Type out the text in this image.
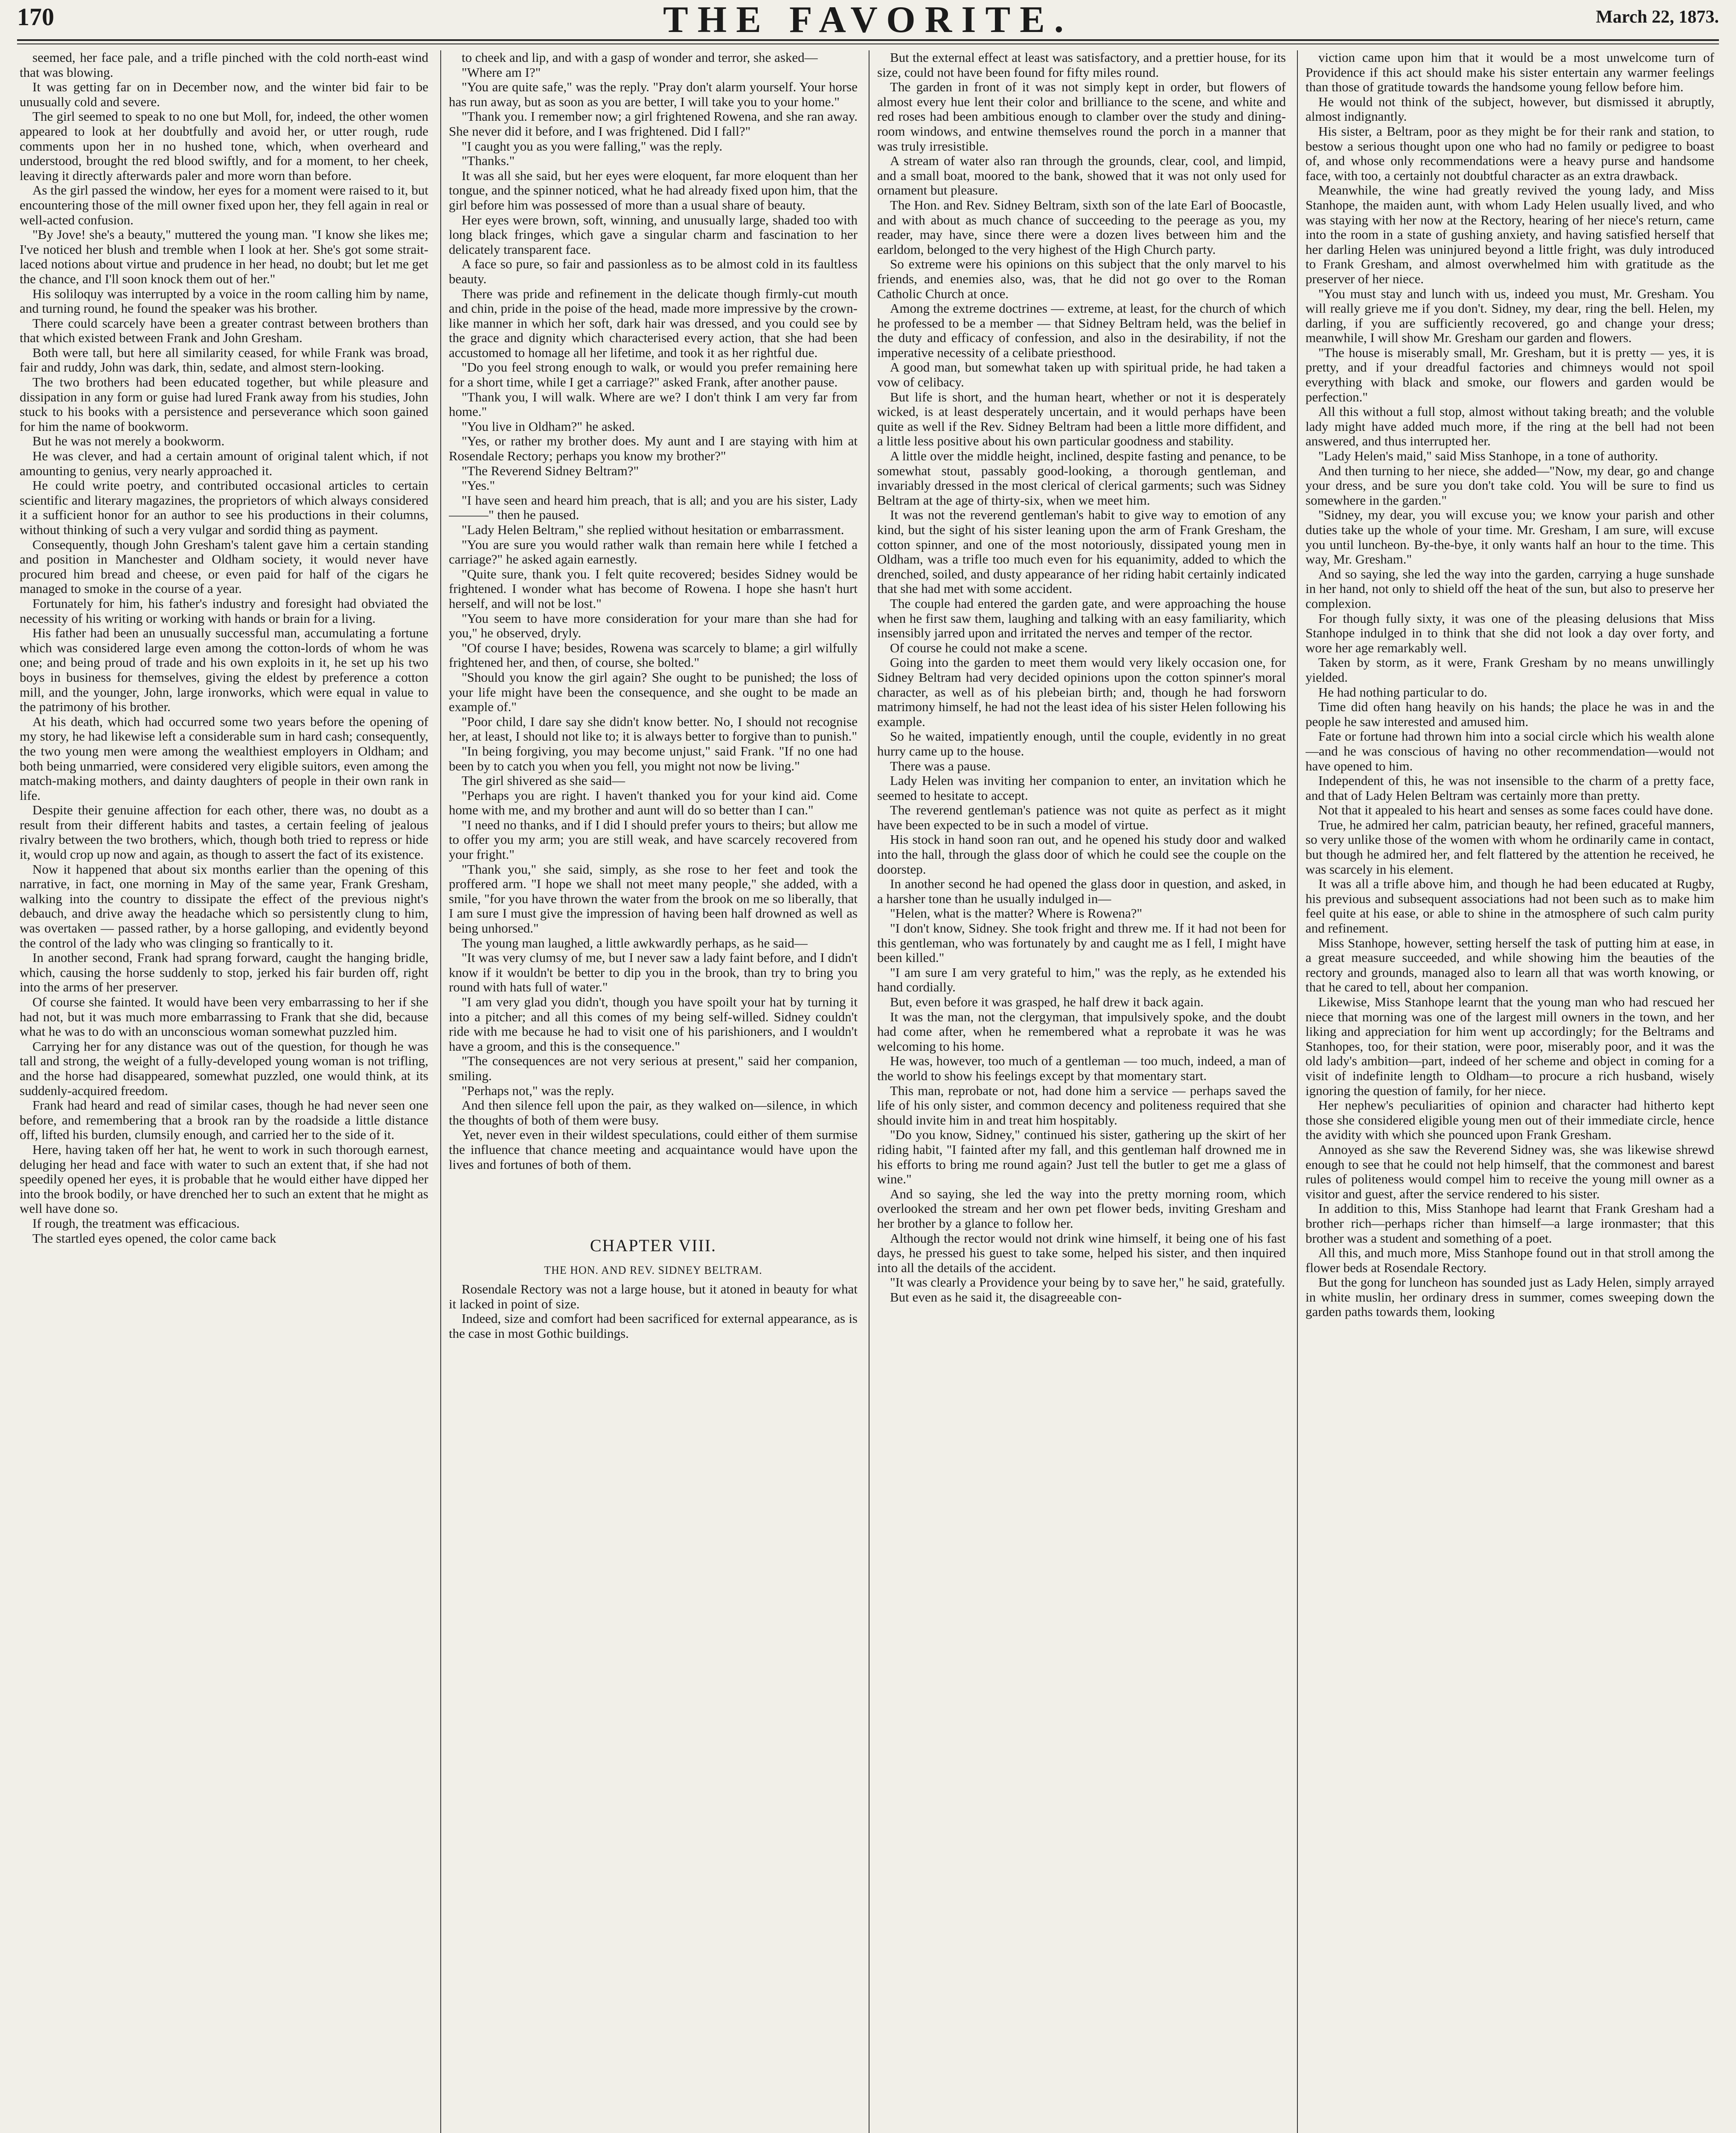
170	THE FAVORITE.	March 22, 1873.

seemed, her face pale, and a trifle pinched with the cold north-east wind that was blowing.

It was getting far on in December now, and the winter bid fair to be unusually cold and severe.

The girl seemed to speak to no one but Moll, for, indeed, the other women appeared to look at her doubtfully and avoid her, or utter rough, rude comments upon her in no hushed tone, which, when overheard and understood, brought the red blood swiftly, and for a moment, to her cheek, leaving it directly afterwards paler and more worn than before.

As the girl passed the window, her eyes for a moment were raised to it, but encountering those of the mill owner fixed upon her, they fell again in real or well-acted confusion.

"By Jove! she's a beauty," muttered the young man. "I know she likes me; I've noticed her blush and tremble when I look at her. She's got some strait-laced notions about virtue and prudence in her head, no doubt; but let me get the chance, and I'll soon knock them out of her."

His soliloquy was interrupted by a voice in the room calling him by name, and turning round, he found the speaker was his brother.

There could scarcely have been a greater contrast between brothers than that which existed between Frank and John Gresham.

Both were tall, but here all similarity ceased, for while Frank was broad, fair and ruddy, John was dark, thin, sedate, and almost stern-looking.

The two brothers had been educated together, but while pleasure and dissipation in any form or guise had lured Frank away from his studies, John stuck to his books with a persistence and perseverance which soon gained for him the name of bookworm.

But he was not merely a bookworm.

He was clever, and had a certain amount of original talent which, if not amounting to genius, very nearly approached it.

He could write poetry, and contributed occasional articles to certain scientific and literary magazines, the proprietors of which always considered it a sufficient honor for an author to see his productions in their columns, without thinking of such a very vulgar and sordid thing as payment.

Consequently, though John Gresham's talent gave him a certain standing and position in Manchester and Oldham society, it would never have procured him bread and cheese, or even paid for half of the cigars he managed to smoke in the course of a year.

Fortunately for him, his father's industry and foresight had obviated the necessity of his writing or working with hands or brain for a living.

His father had been an unusually successful man, accumulating a fortune which was considered large even among the cotton-lords of whom he was one; and being proud of trade and his own exploits in it, he set up his two boys in business for themselves, giving the eldest by preference a cotton mill, and the younger, John, large ironworks, which were equal in value to the patrimony of his brother.

At his death, which had occurred some two years before the opening of my story, he had likewise left a considerable sum in hard cash; consequently, the two young men were among the wealthiest employers in Oldham; and both being unmarried, were considered very eligible suitors, even among the match-making mothers, and dainty daughters of people in their own rank in life.

Despite their genuine affection for each other, there was, no doubt as a result from their different habits and tastes, a certain feeling of jealous rivalry between the two brothers, which, though both tried to repress or hide it, would crop up now and again, as though to assert the fact of its existence.

Now it happened that about six months earlier than the opening of this narrative, in fact, one morning in May of the same year, Frank Gresham, walking into the country to dissipate the effect of the previous night's debauch, and drive away the headache which so persistently clung to him, was overtaken — passed rather, by a horse galloping, and evidently beyond the control of the lady who was clinging so frantically to it.

In another second, Frank had sprang forward, caught the hanging bridle, which, causing the horse suddenly to stop, jerked his fair burden off, right into the arms of her preserver.

Of course she fainted. It would have been very embarrassing to her if she had not, but it was much more embarrassing to Frank that she did, because what he was to do with an unconscious woman somewhat puzzled him.

Carrying her for any distance was out of the question, for though he was tall and strong, the weight of a fully-developed young woman is not trifling, and the horse had disappeared, somewhat puzzled, one would think, at its suddenly-acquired freedom.

Frank had heard and read of similar cases, though he had never seen one before, and remembering that a brook ran by the roadside a little distance off, lifted his burden, clumsily enough, and carried her to the side of it.

Here, having taken off her hat, he went to work in such thorough earnest, deluging her head and face with water to such an extent that, if she had not speedily opened her eyes, it is probable that he would either have dipped her into the brook bodily, or have drenched her to such an extent that he might as well have done so.

If rough, the treatment was efficacious.

The startled eyes opened, the color came back

to cheek and lip, and with a gasp of wonder and terror, she asked—

"Where am I?"

"You are quite safe," was the reply. "Pray don't alarm yourself. Your horse has run away, but as soon as you are better, I will take you to your home."

"Thank you. I remember now; a girl frightened Rowena, and she ran away. She never did it before, and I was frightened. Did I fall?"

"I caught you as you were falling," was the reply.

"Thanks."

It was all she said, but her eyes were eloquent, far more eloquent than her tongue, and the spinner noticed, what he had already fixed upon him, that the girl before him was possessed of more than a usual share of beauty.

Her eyes were brown, soft, winning, and unusually large, shaded too with long black fringes, which gave a singular charm and fascination to her delicately transparent face.

A face so pure, so fair and passionless as to be almost cold in its faultless beauty.

There was pride and refinement in the delicate though firmly-cut mouth and chin, pride in the poise of the head, made more impressive by the crown-like manner in which her soft, dark hair was dressed, and you could see by the grace and dignity which characterised every action, that she had been accustomed to homage all her lifetime, and took it as her rightful due.

"Do you feel strong enough to walk, or would you prefer remaining here for a short time, while I get a carriage?" asked Frank, after another pause.

"Thank you, I will walk. Where are we? I don't think I am very far from home."

"You live in Oldham?" he asked.

"Yes, or rather my brother does. My aunt and I are staying with him at Rosendale Rectory; perhaps you know my brother?"

"The Reverend Sidney Beltram?"

"Yes."

"I have seen and heard him preach, that is all; and you are his sister, Lady———" then he paused.

"Lady Helen Beltram," she replied without hesitation or embarrassment.

"You are sure you would rather walk than remain here while I fetched a carriage?" he asked again earnestly.

"Quite sure, thank you. I felt quite recovered; besides Sidney would be frightened. I wonder what has become of Rowena. I hope she hasn't hurt herself, and will not be lost."

"You seem to have more consideration for your mare than she had for you," he observed, dryly.

"Of course I have; besides, Rowena was scarcely to blame; a girl wilfully frightened her, and then, of course, she bolted."

"Should you know the girl again? She ought to be punished; the loss of your life might have been the consequence, and she ought to be made an example of."

"Poor child, I dare say she didn't know better. No, I should not recognise her, at least, I should not like to; it is always better to forgive than to punish."

"In being forgiving, you may become unjust," said Frank. "If no one had been by to catch you when you fell, you might not now be living."

The girl shivered as she said—

"Perhaps you are right. I haven't thanked you for your kind aid. Come home with me, and my brother and aunt will do so better than I can."

"I need no thanks, and if I did I should prefer yours to theirs; but allow me to offer you my arm; you are still weak, and have scarcely recovered from your fright."

"Thank you," she said, simply, as she rose to her feet and took the proffered arm. "I hope we shall not meet many people," she added, with a smile, "for you have thrown the water from the brook on me so liberally, that I am sure I must give the impression of having been half drowned as well as being unhorsed."

The young man laughed, a little awkwardly perhaps, as he said—

"It was very clumsy of me, but I never saw a lady faint before, and I didn't know if it wouldn't be better to dip you in the brook, than try to bring you round with hats full of water."

"I am very glad you didn't, though you have spoilt your hat by turning it into a pitcher; and all this comes of my being self-willed. Sidney couldn't ride with me because he had to visit one of his parishioners, and I wouldn't have a groom, and this is the consequence."

"The consequences are not very serious at present," said her companion, smiling.

"Perhaps not," was the reply.

And then silence fell upon the pair, as they walked on—silence, in which the thoughts of both of them were busy.

Yet, never even in their wildest speculations, could either of them surmise the influence that chance meeting and acquaintance would have upon the lives and fortunes of both of them.

CHAPTER VIII.
THE HON. AND REV. SIDNEY BELTRAM.

Rosendale Rectory was not a large house, but it atoned in beauty for what it lacked in point of size.

Indeed, size and comfort had been sacrificed for external appearance, as is the case in most Gothic buildings.

But the external effect at least was satisfactory, and a prettier house, for its size, could not have been found for fifty miles round.

The garden in front of it was not simply kept in order, but flowers of almost every hue lent their color and brilliance to the scene, and white and red roses had been ambitious enough to clamber over the study and dining-room windows, and entwine themselves round the porch in a manner that was truly irresistible.

A stream of water also ran through the grounds, clear, cool, and limpid, and a small boat, moored to the bank, showed that it was not only used for ornament but pleasure.

The Hon. and Rev. Sidney Beltram, sixth son of the late Earl of Boocastle, and with about as much chance of succeeding to the peerage as you, my reader, may have, since there were a dozen lives between him and the earldom, belonged to the very highest of the High Church party.

So extreme were his opinions on this subject that the only marvel to his friends, and enemies also, was, that he did not go over to the Roman Catholic Church at once.

Among the extreme doctrines — extreme, at least, for the church of which he professed to be a member — that Sidney Beltram held, was the belief in the duty and efficacy of confession, and also in the desirability, if not the imperative necessity of a celibate priesthood.

A good man, but somewhat taken up with spiritual pride, he had taken a vow of celibacy.

But life is short, and the human heart, whether or not it is desperately wicked, is at least desperately uncertain, and it would perhaps have been quite as well if the Rev. Sidney Beltram had been a little more diffident, and a little less positive about his own particular goodness and stability.

A little over the middle height, inclined, despite fasting and penance, to be somewhat stout, passably good-looking, a thorough gentleman, and invariably dressed in the most clerical of clerical garments; such was Sidney Beltram at the age of thirty-six, when we meet him.

It was not the reverend gentleman's habit to give way to emotion of any kind, but the sight of his sister leaning upon the arm of Frank Gresham, the cotton spinner, and one of the most notoriously, dissipated young men in Oldham, was a trifle too much even for his equanimity, added to which the drenched, soiled, and dusty appearance of her riding habit certainly indicated that she had met with some accident.

The couple had entered the garden gate, and were approaching the house when he first saw them, laughing and talking with an easy familiarity, which insensibly jarred upon and irritated the nerves and temper of the rector.

Of course he could not make a scene.

Going into the garden to meet them would very likely occasion one, for Sidney Beltram had very decided opinions upon the cotton spinner's moral character, as well as of his plebeian birth; and, though he had forsworn matrimony himself, he had not the least idea of his sister Helen following his example.

So he waited, impatiently enough, until the couple, evidently in no great hurry came up to the house.

There was a pause.

Lady Helen was inviting her companion to enter, an invitation which he seemed to hesitate to accept.

The reverend gentleman's patience was not quite as perfect as it might have been expected to be in such a model of virtue.

His stock in hand soon ran out, and he opened his study door and walked into the hall, through the glass door of which he could see the couple on the doorstep.

In another second he had opened the glass door in question, and asked, in a harsher tone than he usually indulged in—

"Helen, what is the matter? Where is Rowena?"

"I don't know, Sidney. She took fright and threw me. If it had not been for this gentleman, who was fortunately by and caught me as I fell, I might have been killed."

"I am sure I am very grateful to him," was the reply, as he extended his hand cordially.

But, even before it was grasped, he half drew it back again.

It was the man, not the clergyman, that impulsively spoke, and the doubt had come after, when he remembered what a reprobate it was he was welcoming to his home.

He was, however, too much of a gentleman — too much, indeed, a man of the world to show his feelings except by that momentary start.

This man, reprobate or not, had done him a service — perhaps saved the life of his only sister, and common decency and politeness required that she should invite him in and treat him hospitably.

"Do you know, Sidney," continued his sister, gathering up the skirt of her riding habit, "I fainted after my fall, and this gentleman half drowned me in his efforts to bring me round again? Just tell the butler to get me a glass of wine."

And so saying, she led the way into the pretty morning room, which overlooked the stream and her own pet flower beds, inviting Gresham and her brother by a glance to follow her.

Although the rector would not drink wine himself, it being one of his fast days, he pressed his guest to take some, helped his sister, and then inquired into all the details of the accident.

"It was clearly a Providence your being by to save her," he said, gratefully.

But even as he said it, the disagreeable con-

viction came upon him that it would be a most unwelcome turn of Providence if this act should make his sister entertain any warmer feelings than those of gratitude towards the handsome young fellow before him.

He would not think of the subject, however, but dismissed it abruptly, almost indignantly.

His sister, a Beltram, poor as they might be for their rank and station, to bestow a serious thought upon one who had no family or pedigree to boast of, and whose only recommendations were a heavy purse and handsome face, with too, a certainly not doubtful character as an extra drawback.

Meanwhile, the wine had greatly revived the young lady, and Miss Stanhope, the maiden aunt, with whom Lady Helen usually lived, and who was staying with her now at the Rectory, hearing of her niece's return, came into the room in a state of gushing anxiety, and having satisfied herself that her darling Helen was uninjured beyond a little fright, was duly introduced to Frank Gresham, and almost overwhelmed him with gratitude as the preserver of her niece.

"You must stay and lunch with us, indeed you must, Mr. Gresham. You will really grieve me if you don't. Sidney, my dear, ring the bell. Helen, my darling, if you are sufficiently recovered, go and change your dress; meanwhile, I will show Mr. Gresham our garden and flowers.

"The house is miserably small, Mr. Gresham, but it is pretty — yes, it is pretty, and if your dreadful factories and chimneys would not spoil everything with black and smoke, our flowers and garden would be perfection."

All this without a full stop, almost without taking breath; and the voluble lady might have added much more, if the ring at the bell had not been answered, and thus interrupted her.

"Lady Helen's maid," said Miss Stanhope, in a tone of authority.

And then turning to her niece, she added—"Now, my dear, go and change your dress, and be sure you don't take cold. You will be sure to find us somewhere in the garden."

"Sidney, my dear, you will excuse you; we know your parish and other duties take up the whole of your time. Mr. Gresham, I am sure, will excuse you until luncheon. By-the-bye, it only wants half an hour to the time. This way, Mr. Gresham."

And so saying, she led the way into the garden, carrying a huge sunshade in her hand, not only to shield off the heat of the sun, but also to preserve her complexion.

For though fully sixty, it was one of the pleasing delusions that Miss Stanhope indulged in to think that she did not look a day over forty, and wore her age remarkably well.

Taken by storm, as it were, Frank Gresham by no means unwillingly yielded.

He had nothing particular to do.

Time did often hang heavily on his hands; the place he was in and the people he saw interested and amused him.

Fate or fortune had thrown him into a social circle which his wealth alone—and he was conscious of having no other recommendation—would not have opened to him.

Independent of this, he was not insensible to the charm of a pretty face, and that of Lady Helen Beltram was certainly more than pretty.

Not that it appealed to his heart and senses as some faces could have done.

True, he admired her calm, patrician beauty, her refined, graceful manners, so very unlike those of the women with whom he ordinarily came in contact, but though he admired her, and felt flattered by the attention he received, he was scarcely in his element.

It was all a trifle above him, and though he had been educated at Rugby, his previous and subsequent associations had not been such as to make him feel quite at his ease, or able to shine in the atmosphere of such calm purity and refinement.

Miss Stanhope, however, setting herself the task of putting him at ease, in a great measure succeeded, and while showing him the beauties of the rectory and grounds, managed also to learn all that was worth knowing, or that he cared to tell, about her companion.

Likewise, Miss Stanhope learnt that the young man who had rescued her niece that morning was one of the largest mill owners in the town, and her liking and appreciation for him went up accordingly; for the Beltrams and Stanhopes, too, for their station, were poor, miserably poor, and it was the old lady's ambition—part, indeed of her scheme and object in coming for a visit of indefinite length to Oldham—to procure a rich husband, wisely ignoring the question of family, for her niece.

Her nephew's peculiarities of opinion and character had hitherto kept those she considered eligible young men out of their immediate circle, hence the avidity with which she pounced upon Frank Gresham.

Annoyed as she saw the Reverend Sidney was, she was likewise shrewd enough to see that he could not help himself, that the commonest and barest rules of politeness would compel him to receive the young mill owner as a visitor and guest, after the service rendered to his sister.

In addition to this, Miss Stanhope had learnt that Frank Gresham had a brother rich—perhaps richer than himself—a large ironmaster; that this brother was a student and something of a poet.

All this, and much more, Miss Stanhope found out in that stroll among the flower beds at Rosendale Rectory.

But the gong for luncheon has sounded just as Lady Helen, simply arrayed in white muslin, her ordinary dress in summer, comes sweeping down the garden paths towards them, looking
